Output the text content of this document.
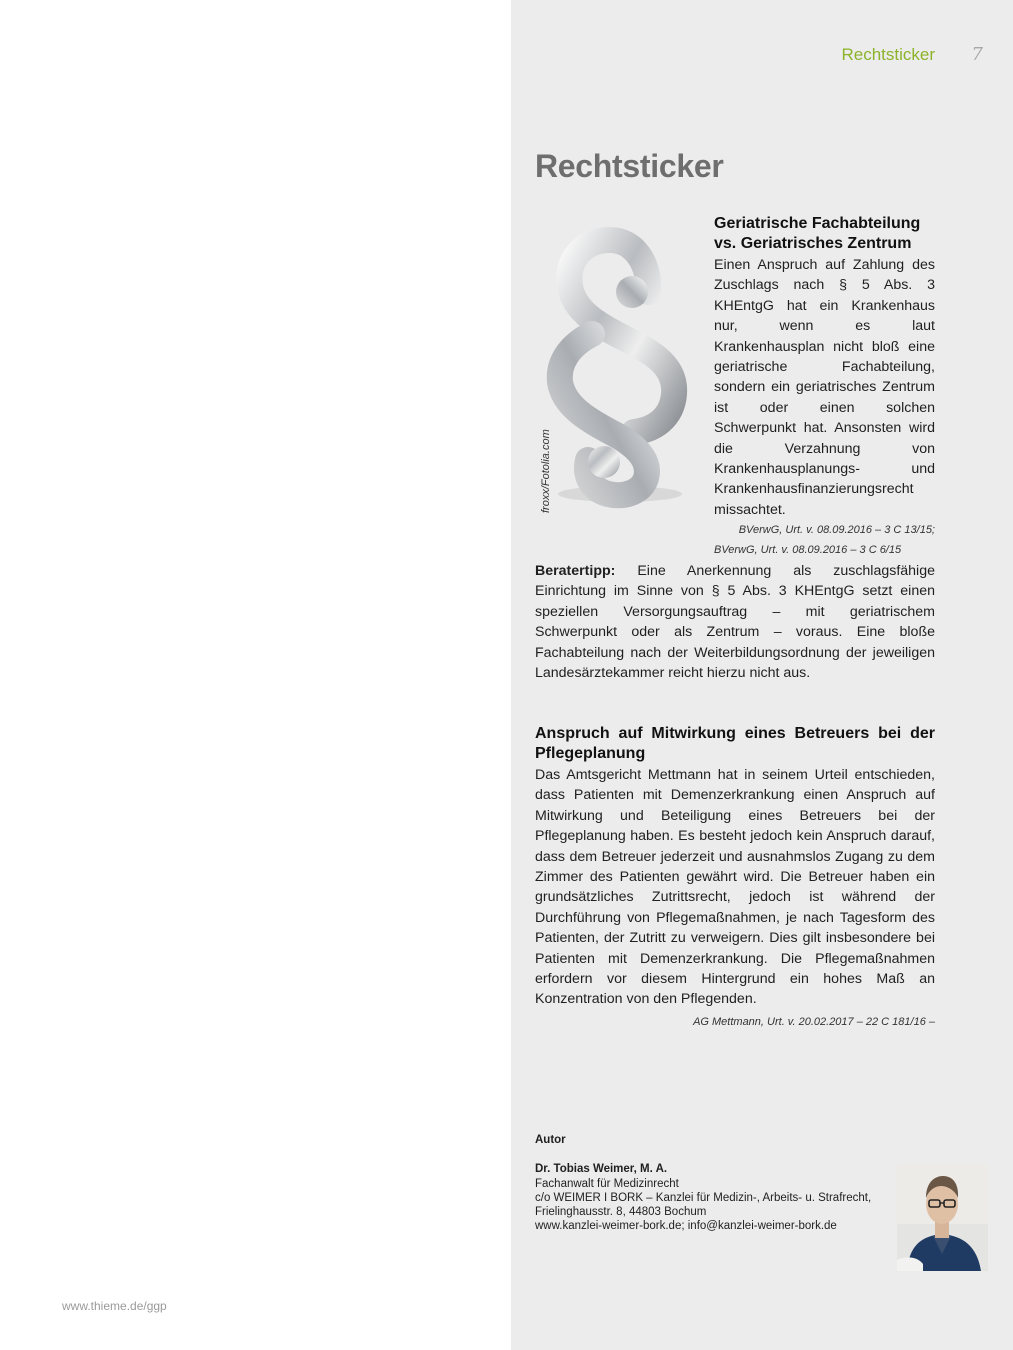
www.thieme.de/ggp
Rechtsticker 7
Rechtsticker
froxx/Fotolia.com

Geriatrische Fachabteilung

vs. Geriatrisches Zentrum

Einen Anspruch auf Zahlung des Zuschlags nach § 5 Abs. 3 KHEntgG hat ein Krankenhaus nur, wenn es laut Krankenhausplan nicht bloß eine geriatrische Fachabteilung, sondern ein geriatrisches Zentrum ist oder einen solchen Schwerpunkt hat. Ansonsten wird die Verzahnung von Krankenhausplanungs- und Krankenhausfinanzierungsrecht missachtet.

BVerwG, Urt. v. 08.09.2016 – 3 C 13/15;

BVerwG, Urt. v. 08.09.2016 – 3 C 6/15

Beratertipp: Eine Anerkennung als zuschlagsfähige Einrichtung im Sinne von § 5 Abs. 3 KHEntgG setzt einen speziellen Versorgungsauftrag – mit geriatrischem Schwerpunkt oder als Zentrum – voraus. Eine bloße Fachabteilung nach der Weiterbildungsordnung der jeweiligen Landesärztekammer reicht hierzu nicht aus.

Anspruch auf Mitwirkung eines Betreuers bei der Pflegeplanung

Das Amtsgericht Mettmann hat in seinem Urteil entschieden, dass Patienten mit Demenzerkrankung einen Anspruch auf Mitwirkung und Beteiligung eines Betreuers bei der Pflegeplanung haben. Es besteht jedoch kein Anspruch darauf, dass dem Betreuer jederzeit und ausnahmslos Zugang zu dem Zimmer des Patienten gewährt wird. Die Betreuer haben ein grundsätzliches Zutrittsrecht, jedoch ist während der Durchführung von Pflegemaßnahmen, je nach Tagesform des Patienten, der Zutritt zu verweigern. Dies gilt insbesondere bei Patienten mit Demenzerkrankung. Die Pflegemaßnahmen erfordern vor diesem Hintergrund ein hohes Maß an Konzentration von den Pflegenden.

AG Mettmann, Urt. v. 20.02.2017 – 22 C 181/16 –

Autor

Dr. Tobias Weimer, M. A.

Fachanwalt für Medizinrecht

c/o WEIMER I BORK – Kanzlei für Medizin-, Arbeits- u. Strafrecht,

Frielinghausstr. 8, 44803 Bochum

www.kanzlei-weimer-bork.de; info@kanzlei-weimer-bork.de
